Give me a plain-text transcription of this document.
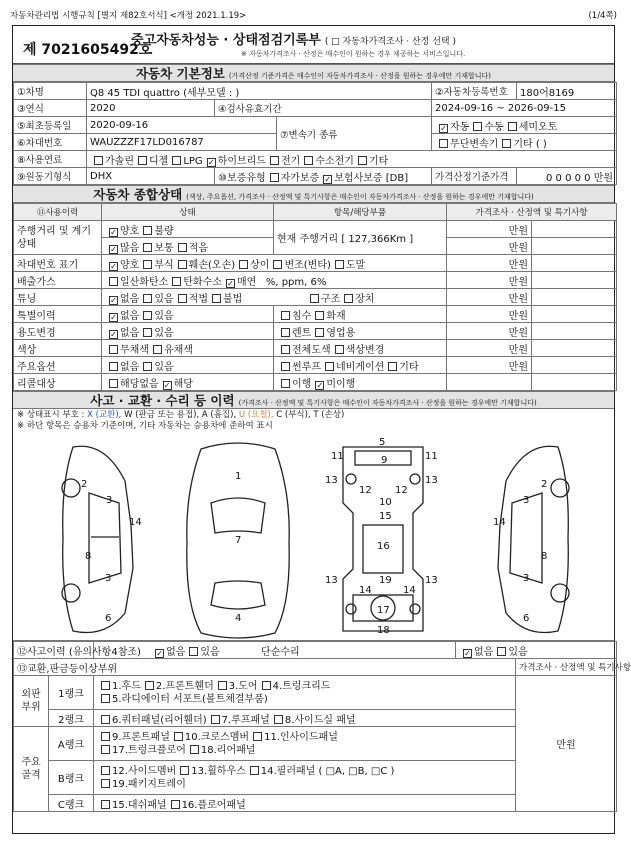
자동차관리법 시행규칙 [별지 제82호서식] <개정 2021.1.19>	(1/4쪽)
제 7021605492호
중고자동차성능 · 상태점검기록부 ( □ 자동차가격조사 · 산정 선택 )
※ 자동차가격조사 · 산정은 매수인이 원하는 경우 제공하는 서비스입니다.
자동차 기본정보 (가격산정 기준가격은 매수인이 자동차가격조사 · 산정을 원하는 경우에만 기재합니다)
①차명	Q8 45 TDI quattro (세부모델 : )			②자동차등록번호	180어8169
③연식	2020	④검사유효기간		2024-09-16 ~ 2026-09-15	
⑤최초등록일	2020-09-16		⑦변속기 종류	✓자동 수동 세미오토
⑥차대번호	WAUZZZF17LD016787			무단변속기 기타 ( )	
⑧사용연료	가솔린 디젤 LPG ✓ 하이브리드 전기 수소전기 기타
⑨원동기형식	DHX	⑩보증유형 자가보증 ✓ 보험사보증 [DB]		가격산정기준가격	0 0 0 0 0 만원
자동차 종합상태 (색상, 주요옵션, 가격조사 · 산정액 및 특기사항은 매수인이 자동차가격조사 · 산정을 원하는 경우에만 기재합니다)
⑪사용이력	상태	항목/해당부품	가격조사 · 산정액 및 특기사항	
주행거리 및 계기상태	✓양호 불량	현재 주행거리 [ 127,366Km ]	만원	
✓많음 보통 적음		만원	
차대번호 표기	✓양호 부식 훼손(오손) 상이 변조(변타) 도말		만원	
배출가스	일산화탄소 탄화수소 ✓ 매연 %, ppm, 6%		만원	
튜닝	✓없음 있음 적법 불법 구조 장치		만원	
특별이력	✓없음 있음	침수 화재	만원	
용도변경	✓없음 있음	렌트 영업용	만원	
색상	무채색 유채색	전체도색 색상변경	만원	
주요옵션	없음 있음	썬루프 네비게이션 기타	만원	
리콜대상	해당없음 ✓ 해당	이행 ✓ 미이행		
사고 · 교환 · 수리 등 이력 (가격조사 · 산정액 및 특기사항은 매수인이 자동차가격조사 · 산정을 원하는 경우에만 기재합니다)
※ 상태표시 부호 : X (교환), W (판금 또는 용접), A (흠집), U (요철), C (부식), T (손상)
※ 하단 항목은 승용차 기준이며, 기타 자동차는 승용차에 준하여 표시
2
8
3
14
3
6
1
7
4
5
9
11	11
13
12 12
13
10
15
16
13	19	13
14	14
17
18
2
8
3
14
3
6
⑫사고이력 (유의사항4참조)	✓없음 있음 단순수리	✓없음 있음
⑬교환,판금등이상부위				가격조사 · 산정액 및 특기사항
외판 부위	1랭크	1.후드 2.프론트휀더 3.도어 4.트렁크리드
5.라디에이터 서포트(볼트체결부품)		만원
	2랭크	6.쿼터패널(리어휀더) 7.루프패널 8.사이드실 패널		
주요 골격	A랭크	9.프론트패널 10.크로스멤버 11.인사이드패널
17.트렁크플로어 18.리어패널		
	B랭크	12.사이드멤버 13.휠하우스 14.필러패널 ( □A, □B, □C )
19.패키지트레이		
	C랭크	15.대쉬패널 16.플로어패널		
